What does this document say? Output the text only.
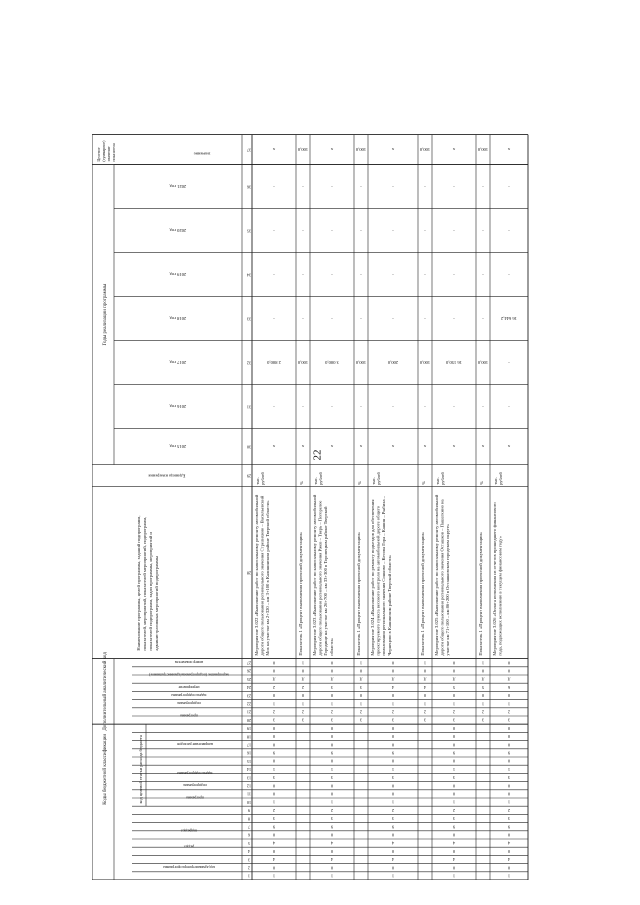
22
Коды бюджетной классификации
Дополнительный аналитический код
Годы реализации программы
код целевой статьи расхода бюджета
код администратора программы
раздел
подраздел
программа
подпрограмма
задача подпрограммы
направление расходов
программа
подпрограмма
задача подпрограммы
мероприятие
мероприятие (подпрограммы/административное)
номер показателя
Наименование программы, целей программы, заданий подпрограмм,показателей, мероприятий, показателей мероприятий, подпрограмм,показателей подпрограмм, задач программы, мероприятий иадминистративных мероприятий подпрограммы
Единица измерения
2015 год
2016 год
2017 год
2018 год
2019 год
2020 год
2021 год
значение
Целевое(суммарное)значениепоказателя
1
2
3
4
5
6
7
8
9
10
11
12
13
14
15
16
17
18
19
20
21
22
23
24
25
26
27
28
29
30
31
32
33
34
35
36
37
1
0
4
0
4
0
9
3
2
1
0
0
3
1
0
9
0
0
0
3
2
1
0
2
Л
0
0
Мероприятие 3.022 «Выполнение работ по капитальному ремонту автомобильнойдороги общего пользования регионального значения Стрелихино – ВасильевскийМох на участке км 2+320 – км 3+100 в Калининском районе Тверской области»
тыс.рублей
х
-
2 800,0
-
-
-
-
х
3
2
1
0
2
Л
0
1
Показатель 1 «Процент выполнения проектной документации»
%
х
-
100,0
-
-
-
-
100,0
1
0
4
0
4
0
9
3
2
1
0
0
3
1
0
9
0
0
0
3
2
1
0
3
Л
0
0
Мероприятие 3.023 «Выполнение работ по капитальному ремонту автомобильнойдороги общего пользования регионального значения Ржев – Тверь – ПогорелоеГородище на участке км 26+700 – км 33+300 в Торопецком районе Тверскойобласти»
тыс.рублей
х
-
3 000,0
-
-
-
-
х
3
2
1
0
3
Л
0
1
Показатель 1 «Процент выполнения проектной документации»
%
х
-
100,0
-
-
-
-
100,0
1
0
4
0
4
0
9
3
2
1
0
0
3
1
0
9
0
0
0
3
2
1
0
4
Л
0
0
Мероприятие 3.024 «Выполнение работ по ремонту подъездов для обеспеченияпроектируемого пункта весового контроля на автомобильной дороге общегопользования регионального значения Сонково – Кесова Гора – Кашин – Рыбиха –Чернецово в Кашинском районе Тверской области»
тыс.рублей
х
-
200,0
-
-
-
-
х
3
2
1
0
4
Л
0
1
Показатель 1 «Процент выполнения проектной документации»
%
х
-
100,0
-
-
-
-
100,0
1
0
4
0
4
0
9
3
2
1
0
0
3
1
0
9
0
0
0
3
2
1
0
5
Л
0
0
Мероприятие 3.025 «Выполнение работ по капитальному ремонту автомобильнойдороги общего пользования регионального значения Осташков – Пашаткино научастке км 71+100 – км 86+200 в Осташковском городском округе»
тыс.рублей
х
-
16 150,0
-
-
-
-
х
3
2
1
0
5
Л
0
1
Показатель 1 «Процент выполнения проектной документации»
%
х
-
100,0
-
-
-
-
100,0
1
0
4
0
4
0
9
3
2
1
0
0
3
1
0
9
0
0
0
3
2
1
0
6
Л
0
0
Мероприятие 3.026 «Оплата исполнения из отчетов прошедшего финансовогогода, подлежащих исполнению в текущем финансовом году»
тыс.рублей
х
-
-
16 644,2
-
-
-
х
